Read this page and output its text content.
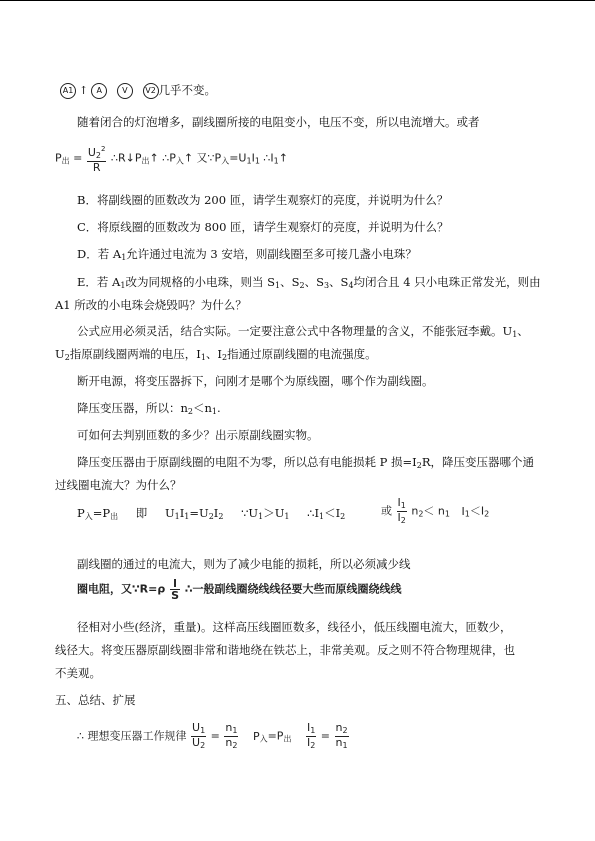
A1 ↑ A	V V2 几乎不变。
随着闭合的灯泡增多，副线圈所接的电阻变小，电压不变，所以电流增大。或者
$P_出 = \frac{U_2^2}{R}$ $\therefore R↓P_出↑$ $\therefore P_入↑$ 又$\because P_入=U_1I_1$ $\therefore I_1↑$
B．将副线圈的匝数改为 200 匝，请学生观察灯的亮度，并说明为什么？
C．将原线圈的匝数改为 800 匝，请学生观察灯的亮度，并说明为什么？
D．若 $A_1$允许通过电流为 3 安培，则副线圈至多可接几盏小电珠？
E．若 $A_1$改为同规格的小电珠，则当 $S_1$、$S_2$、$S_3$、$S_4$均闭合且 4 只小电珠正常发光，则由
A1 所改的小电珠会烧毁吗？为什么？
公式应用必须灵活，结合实际。一定要注意公式中各物理量的含义，不能张冠李戴。$U_1$、
$U_2$指原副线圈两端的电压，$I_1$、$I_2$指通过原副线圈的电流强度。
断开电源，将变压器拆下，问刚才是哪个为原线圈，哪个作为副线圈。
降压变压器，所以：$n_2<n_1$.
可如何去判别匝数的多少？出示原副线圈实物。
降压变压器由于原副线圈的电阻不为零，所以总有电能损耗 P 损$=I_2R$，降压变压器哪个通
过线圈电流大？为什么？
$P_入=P_出$ 即 $U_1I_1=U_2I_2$ $\because U_1>U_1$ $\therefore I_1<I_2$	或 $\frac{I_1}{I_2} n_2< n_1$ $I_1<I_2$
副线圈的通过的电流大，则为了减少电能的损耗，所以必须减少线
圈电阻，又∵R=ρ $\frac{l}{S}$ ∴一般副线圈绕线线径要大些而原线圈绕线线
径相对小些(经济，重量)。这样高压线圈匝数多，线径小，低压线圈电流大，匝数少，
线径大。将变压器原副线圈非常和谐地绕在铁芯上，非常美观。反之则不符合物理规律，也
不美观。
五、总结、扩展
∴ 理想变压器工作规律 $\frac{U_1}{U_2} = \frac{n_1}{n_2} P_入=P_出 \frac{I_1}{I_2} = \frac{n_2}{n_1}$
